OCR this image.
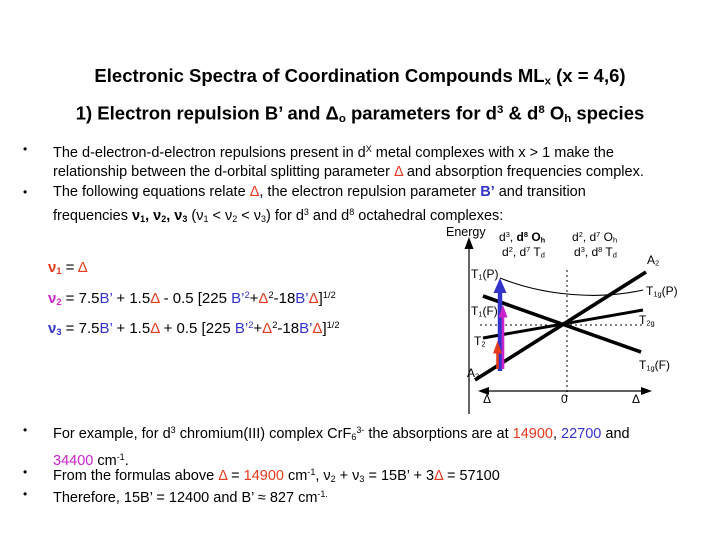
Electronic Spectra of Coordination Compounds $ML_x$ (x = 4,6)
1) Electron repulsion B’ and $\Delta_o$ parameters for $d^3$ & $d^8$ $O_h$ species
•	The d-electron-d-electron repulsions present in $d^X$ metal complexes with x > 1 make the
relationship between the d-orbital splitting parameter Δ and absorption frequencies complex.
•	The following equations relate Δ, the electron repulsion parameter B’ and transition
frequencies $\nu_1$, $\nu_2$, $\nu_3$ $(\nu_1 < \nu_2 < \nu_3)$ for $d^3$ and $d^8$ octahedral complexes:
$\nu_1 = \Delta$
$\nu_2 = 7.5B$’ + 1.5Δ - 0.5 [225 $B’^2+\Delta^2-18B’\Delta]^{1/2}$
$\nu_3 = 7.5B$’ + 1.5Δ + 0.5 [225 $B’^2+\Delta^2-18B’\Delta]^{1/2}$
Energy $d^3$, $d^8$ $O_h$
$d^2$, $d^7$ $T_d$
$d^2$, $d^7$ $O_h$
$d^3$, $d^8$ $T_d$
$T_1(P)$
$T_1(F)$
$T_2$
$A_2$
$A_2$
$T_{1g}(P)$
$T_{2g}$
$T_{1g}(F)$
Δ	0	Δ
•	For example, for $d^3$ chromium(III) complex CrF$_6^{3-}$ the absorptions are at 14900, 22700 and
34400 $cm^{-1}$.
•	From the formulas above Δ = 14900 $cm^{-1}$, $\nu_2 + \nu_3 = 15B$’ + 3Δ = 57100
•	Therefore, 15B’ = 12400 and B’ ≈ 827 $cm^{-1.}$
